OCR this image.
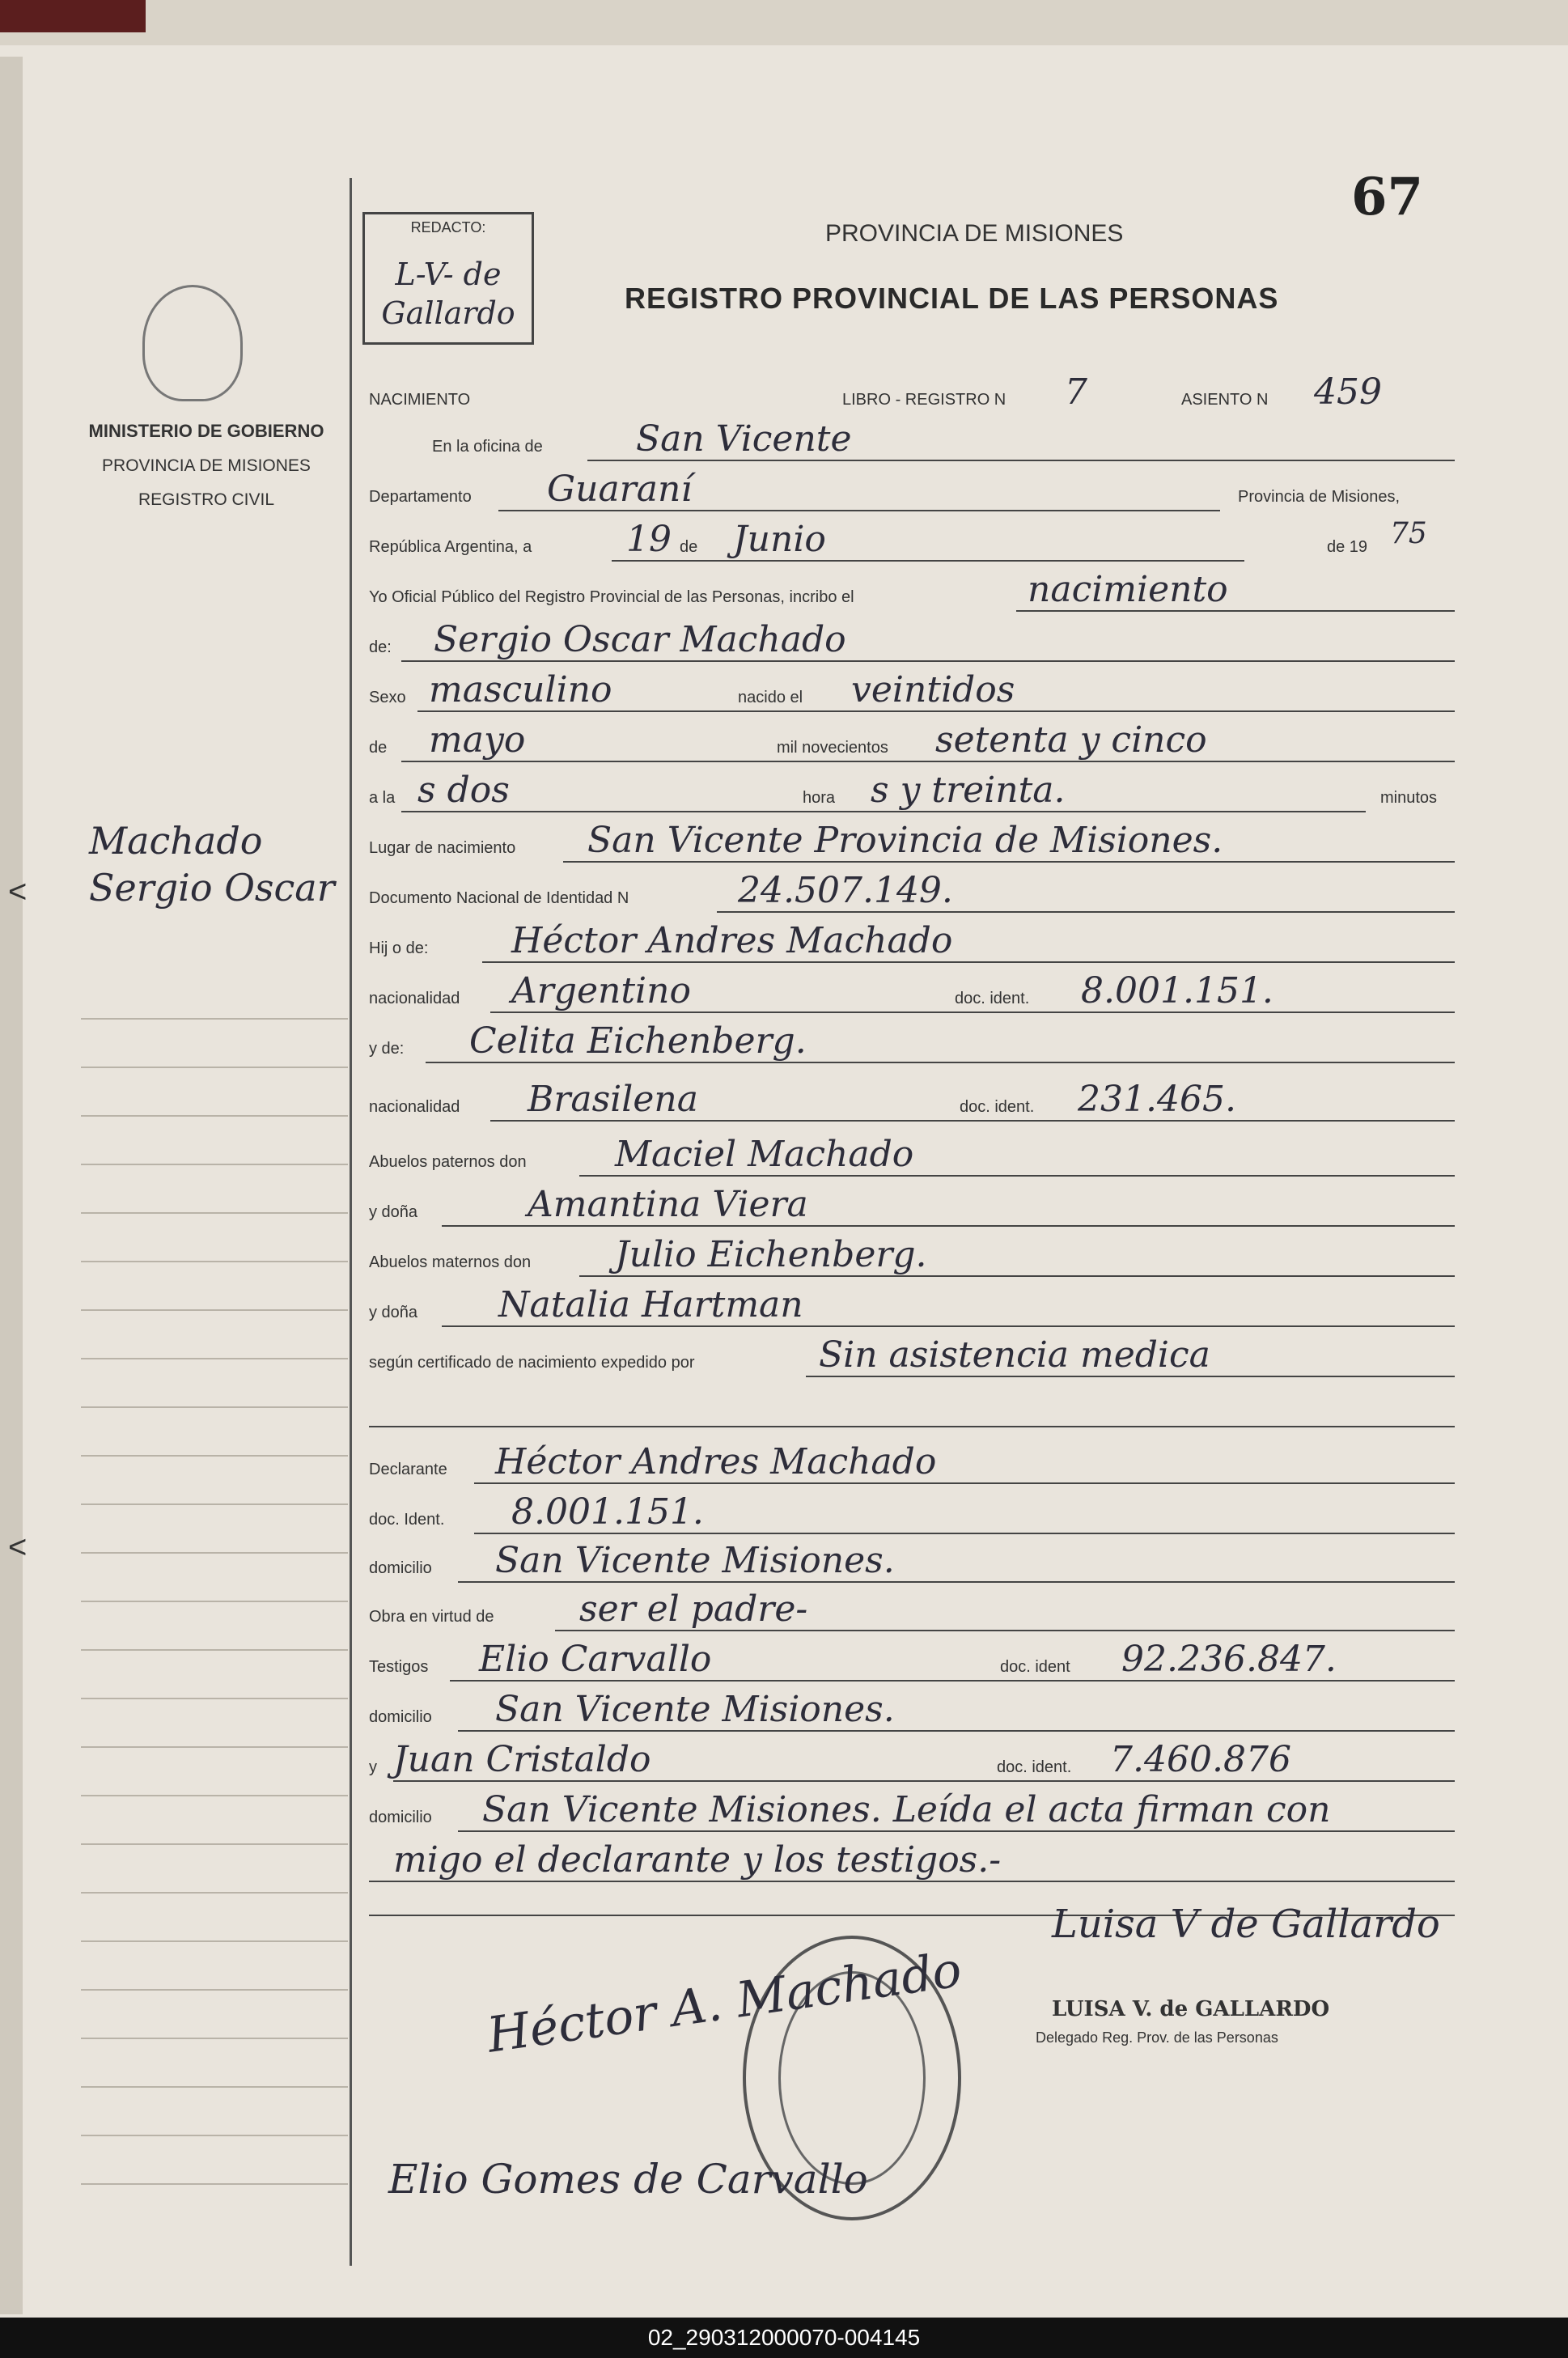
<
<
67
REDACTO:
L-V- de
Gallardo
PROVINCIA DE MISIONES
REGISTRO PROVINCIAL DE LAS PERSONAS
MINISTERIO DE GOBIERNO
PROVINCIA DE MISIONES
REGISTRO CIVIL
Machado
Sergio Oscar
NACIMIENTO	LIBRO - REGISTRO N 7	ASIENTO N 459
En la oficina de	San Vicente
Departamento Guaraní	Provincia de Misiones,
República Argentina, a	19 de Junio	de 19 75
Yo Oficial Público del Registro Provincial de las Personas, incribo el	nacimiento
de: Sergio Oscar Machado
Sexo masculino	nacido el veintidos
de mayo	mil novecientos setenta y cinco
a la s dos	hora s y treinta.	minutos
Lugar de nacimiento San Vicente Provincia de Misiones.
Documento Nacional de Identidad N	24.507.149.
Hij o de: Héctor Andres Machado
nacionalidad Argentino	doc. ident. 8.001.151.
y de: Celita Eichenberg.
nacionalidad Brasilena	doc. ident. 231.465.
Abuelos paternos don Maciel Machado
y doña	Amantina Viera
Abuelos maternos don Julio Eichenberg.
y doña Natalia Hartman
según certificado de nacimiento expedido por	Sin asistencia medica
Declarante Héctor Andres Machado
doc. Ident. 8.001.151.
domicilio San Vicente Misiones.
Obra en virtud de ser el padre-
Testigos Elio Carvallo	doc. ident 92.236.847.
domicilio San Vicente Misiones.
y Juan Cristaldo	doc. ident. 7.460.876
domicilio San Vicente Misiones. Leída el acta firman con
migo el declarante y los testigos.-
Luisa V de Gallardo
LUISA V. de GALLARDO
Delegado Reg. Prov. de las Personas
Héctor A. Machado
Elio Gomes de Carvallo
02_290312000070-004145
